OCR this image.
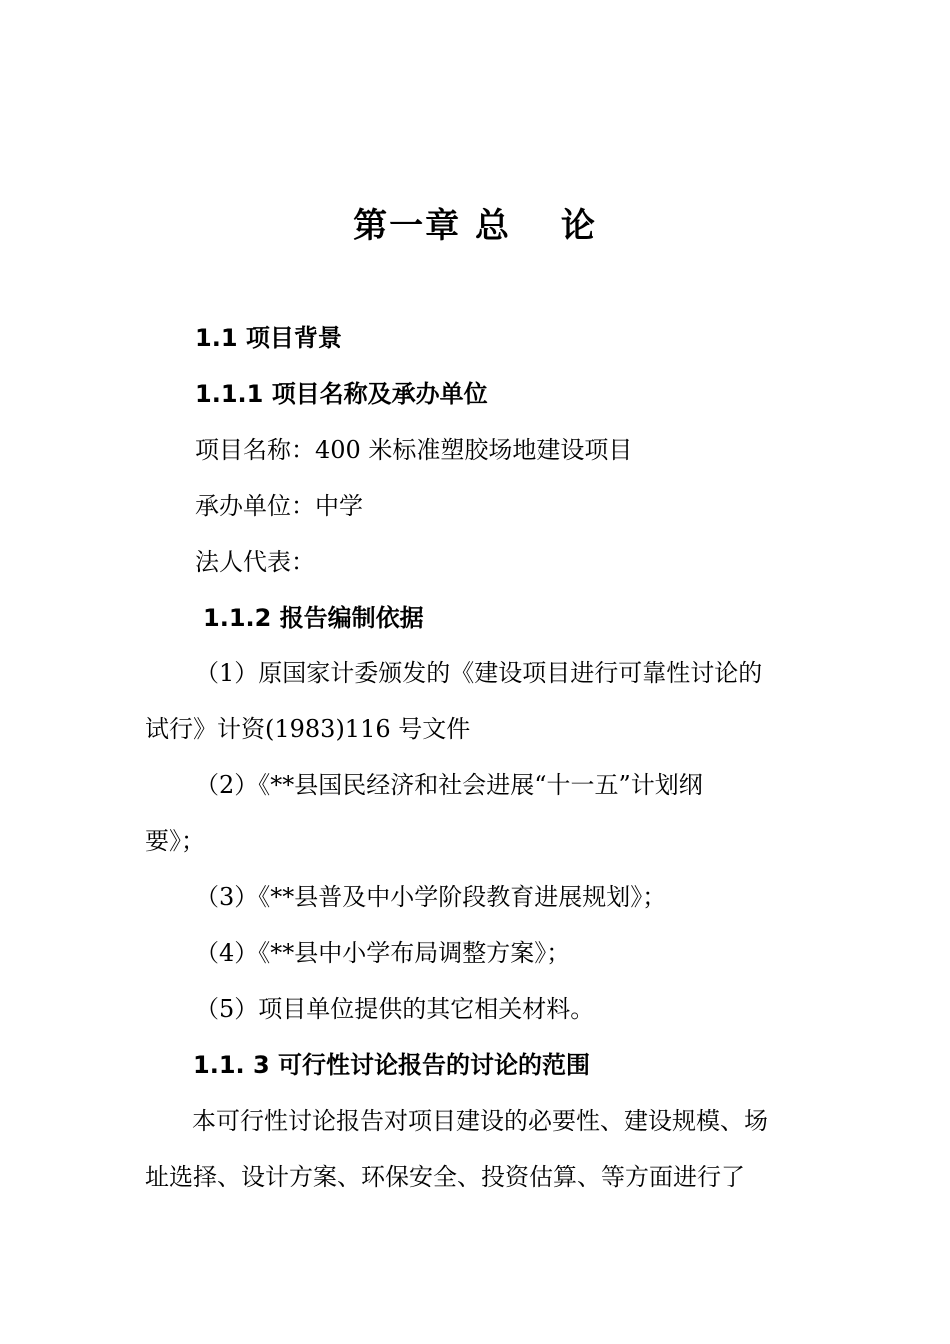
第一章 总　 论
1.1 项目背景
1.1.1 项目名称及承办单位
项目名称：400 米标准塑胶场地建设项目
承办单位：中学
法人代表：
1.1.2 报告编制依据
（1）原国家计委颁发的《建设项目进行可靠性讨论的
试行》计资(1983)116 号文件
（2）《**县国民经济和社会进展“十一五”计划纲
要》；
（3）《**县普及中小学阶段教育进展规划》；
（4）《**县中小学布局调整方案》；
（5）项目单位提供的其它相关材料。
1.1. 3 可行性讨论报告的讨论的范围
本可行性讨论报告对项目建设的必要性、建设规模、场
址选择、设计方案、环保安全、投资估算、等方面进行了
